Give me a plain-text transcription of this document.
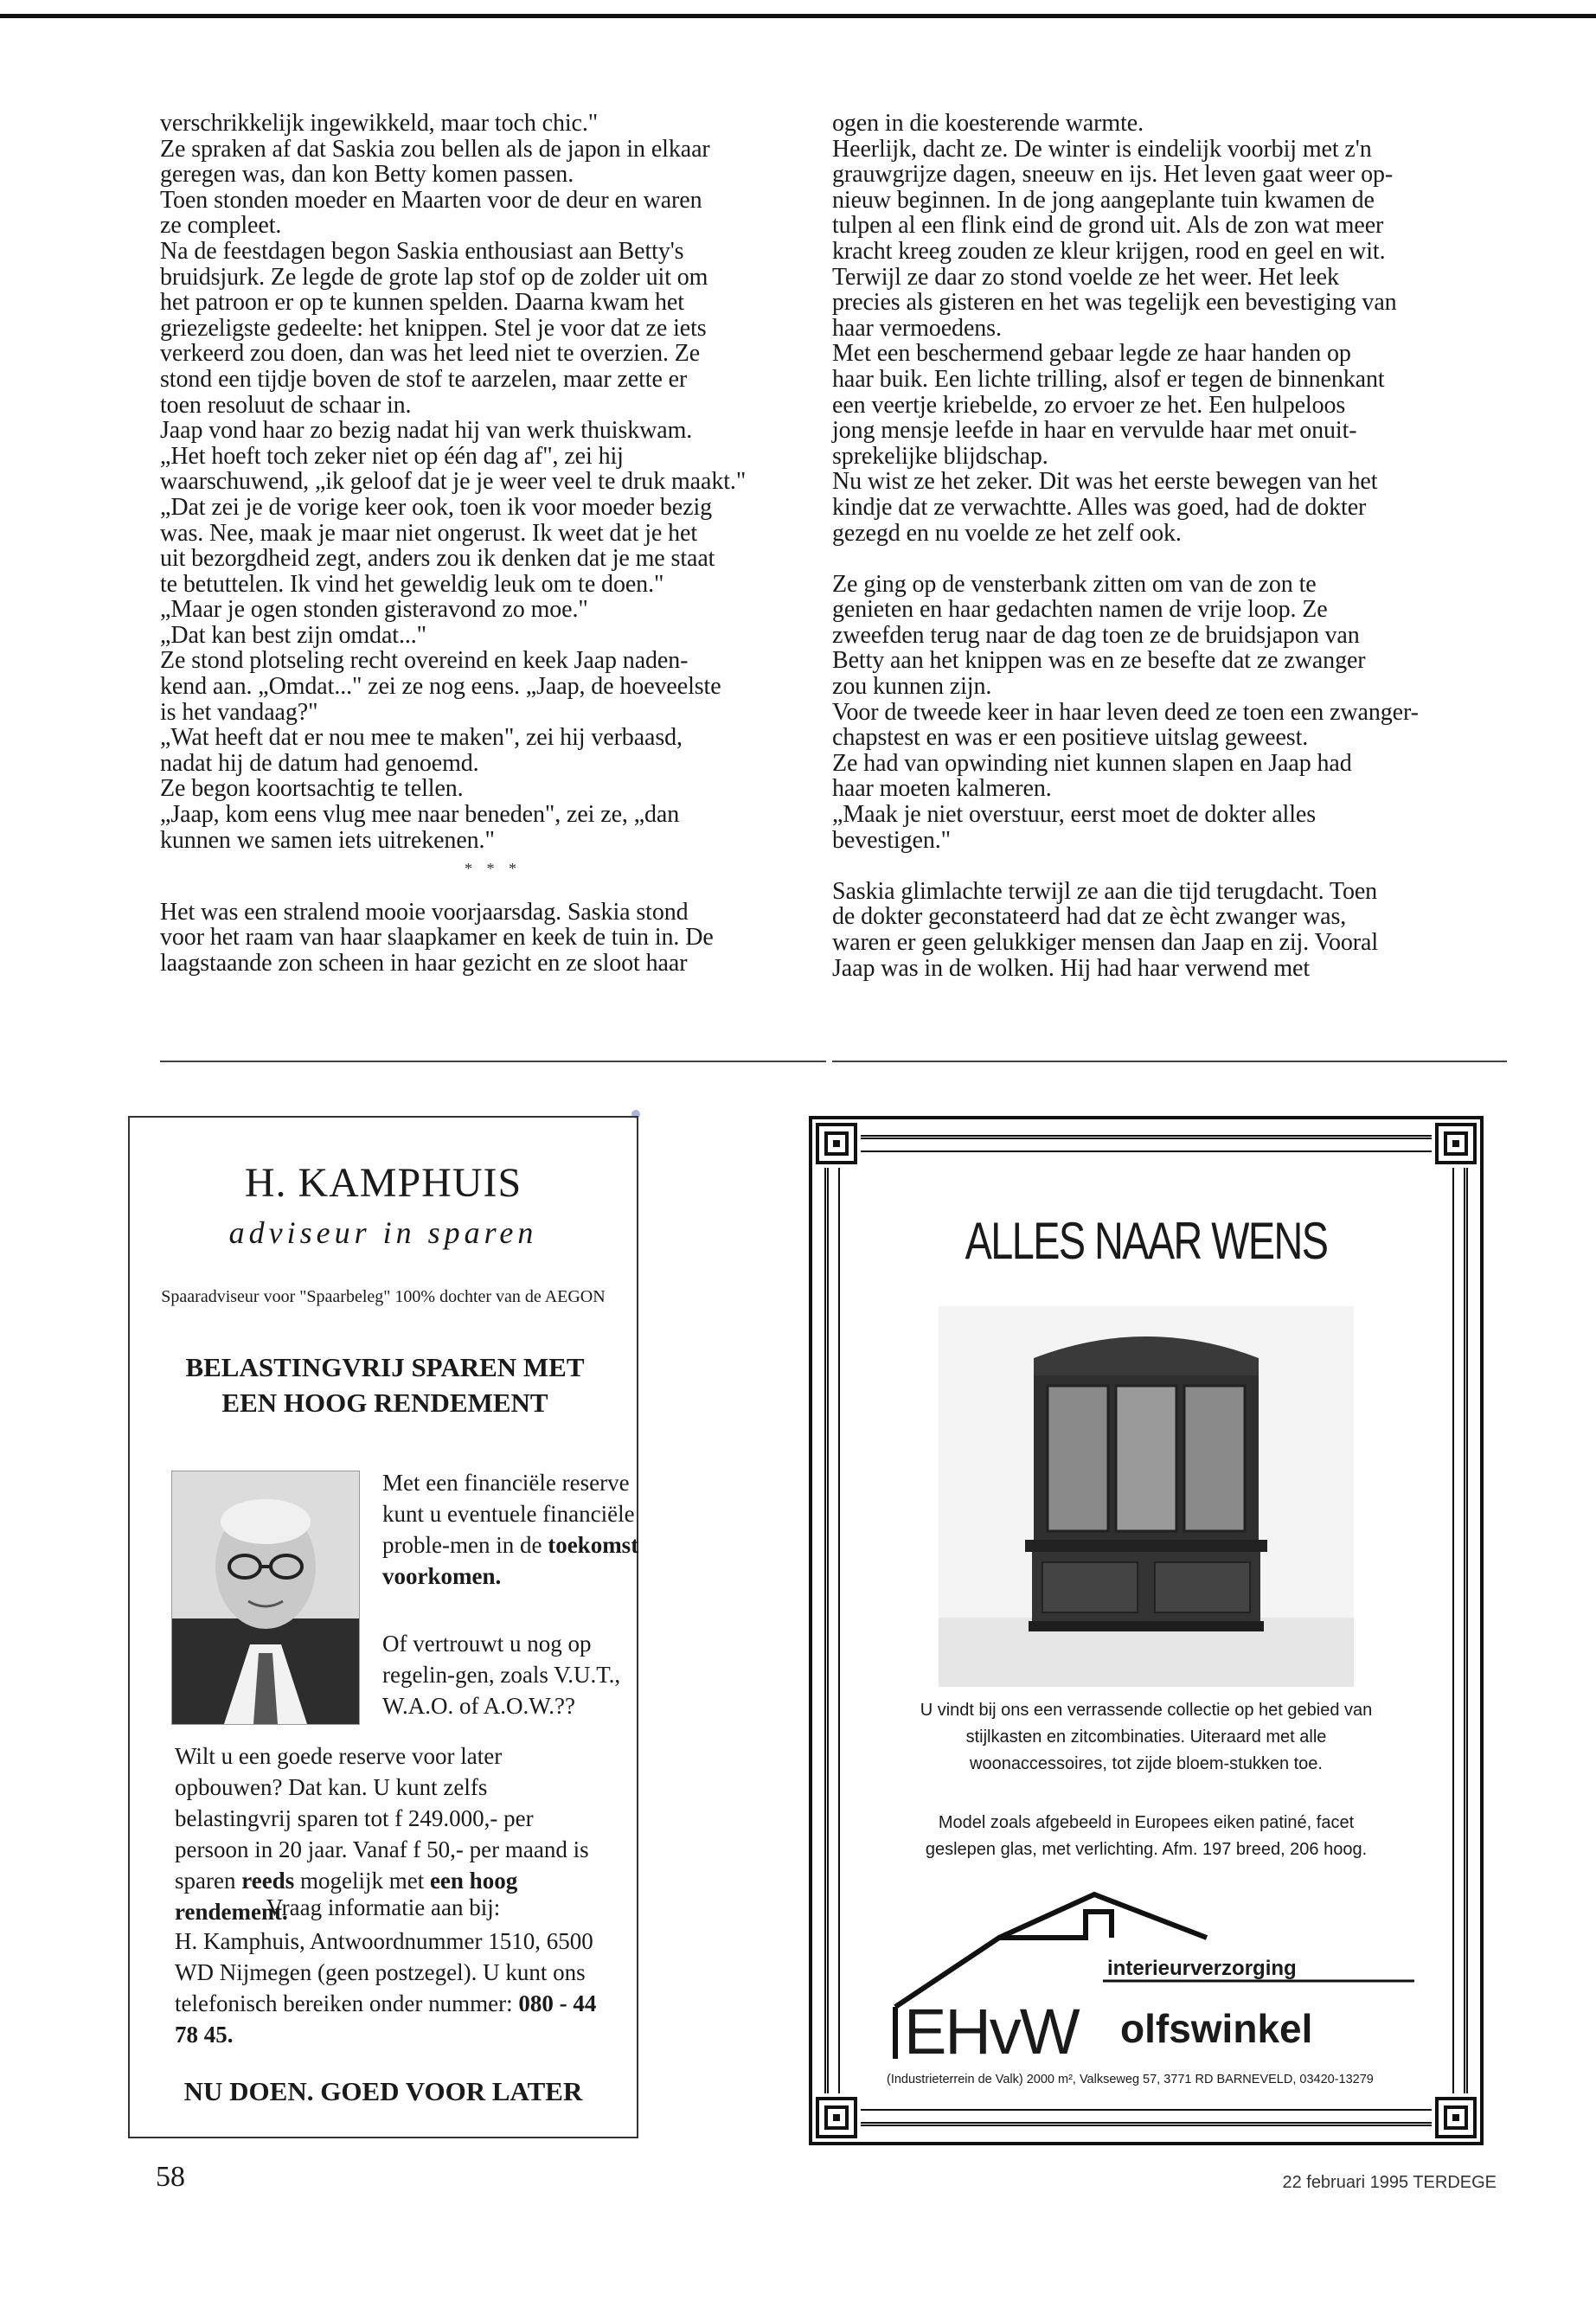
verschrikkelijk ingewikkeld, maar toch chic."
Ze spraken af dat Saskia zou bellen als de japon in elkaar
geregen was, dan kon Betty komen passen.
Toen stonden moeder en Maarten voor de deur en waren
ze compleet.
Na de feestdagen begon Saskia enthousiast aan Betty's
bruidsjurk. Ze legde de grote lap stof op de zolder uit om
het patroon er op te kunnen spelden. Daarna kwam het
griezeligste gedeelte: het knippen. Stel je voor dat ze iets
verkeerd zou doen, dan was het leed niet te overzien. Ze
stond een tijdje boven de stof te aarzelen, maar zette er
toen resoluut de schaar in.
Jaap vond haar zo bezig nadat hij van werk thuiskwam.
„Het hoeft toch zeker niet op één dag af", zei hij
waarschuwend, „ik geloof dat je je weer veel te druk maakt."
„Dat zei je de vorige keer ook, toen ik voor moeder bezig
was. Nee, maak je maar niet ongerust. Ik weet dat je het
uit bezorgdheid zegt, anders zou ik denken dat je me staat
te betuttelen. Ik vind het geweldig leuk om te doen."
„Maar je ogen stonden gisteravond zo moe."
„Dat kan best zijn omdat..."
Ze stond plotseling recht overeind en keek Jaap naden-
kend aan. „Omdat..." zei ze nog eens. „Jaap, de hoeveelste
is het vandaag?"
„Wat heeft dat er nou mee te maken", zei hij verbaasd,
nadat hij de datum had genoemd.
Ze begon koortsachtig te tellen.
„Jaap, kom eens vlug mee naar beneden", zei ze, „dan
kunnen we samen iets uitrekenen."

* * *

Het was een stralend mooie voorjaarsdag. Saskia stond
voor het raam van haar slaapkamer en keek de tuin in. De
laagstaande zon scheen in haar gezicht en ze sloot haar

ogen in die koesterende warmte.
Heerlijk, dacht ze. De winter is eindelijk voorbij met z'n
grauwgrijze dagen, sneeuw en ijs. Het leven gaat weer op-
nieuw beginnen. In de jong aangeplante tuin kwamen de
tulpen al een flink eind de grond uit. Als de zon wat meer
kracht kreeg zouden ze kleur krijgen, rood en geel en wit.
Terwijl ze daar zo stond voelde ze het weer. Het leek
precies als gisteren en het was tegelijk een bevestiging van
haar vermoedens.
Met een beschermend gebaar legde ze haar handen op
haar buik. Een lichte trilling, alsof er tegen de binnenkant
een veertje kriebelde, zo ervoer ze het. Een hulpeloos
jong mensje leefde in haar en vervulde haar met onuit-
sprekelijke blijdschap.
Nu wist ze het zeker. Dit was het eerste bewegen van het
kindje dat ze verwachtte. Alles was goed, had de dokter
gezegd en nu voelde ze het zelf ook.

Ze ging op de vensterbank zitten om van de zon te
genieten en haar gedachten namen de vrije loop. Ze
zweefden terug naar de dag toen ze de bruidsjapon van
Betty aan het knippen was en ze besefte dat ze zwanger
zou kunnen zijn.
Voor de tweede keer in haar leven deed ze toen een zwanger-
chapstest en was er een positieve uitslag geweest.
Ze had van opwinding niet kunnen slapen en Jaap had
haar moeten kalmeren.
„Maak je niet overstuur, eerst moet de dokter alles
bevestigen."

Saskia glimlachte terwijl ze aan die tijd terugdacht. Toen
de dokter geconstateerd had dat ze ècht zwanger was,
waren er geen gelukkiger mensen dan Jaap en zij. Vooral
Jaap was in de wolken. Hij had haar verwend met

H. KAMPHUIS
adviseur in sparen
Spaaradviseur voor "Spaarbeleg" 100% dochter van de AEGON
BELASTINGVRIJ SPAREN MET EEN HOOG RENDEMENT
Met een financiële reserve kunt u eventuele financiële proble-men in de toekomst voorkomen.
Of vertrouwt u nog op regelin-gen, zoals V.U.T., W.A.O. of A.O.W.??
Wilt u een goede reserve voor later opbouwen? Dat kan. U kunt zelfs belastingvrij sparen tot f 249.000,- per persoon in 20 jaar. Vanaf f 50,- per maand is sparen reeds mogelijk met een hoog rendement.
Vraag informatie aan bij:
H. Kamphuis, Antwoordnummer 1510, 6500 WD Nijmegen (geen postzegel). U kunt ons telefonisch bereiken onder nummer: 080 - 44 78 45.
NU DOEN. GOED VOOR LATER
ALLES NAAR WENS
U vindt bij ons een verrassende collectie op het gebied van stijlkasten en zitcombinaties. Uiteraard met alle woonaccessoires, tot zijde bloem-stukken toe.
Model zoals afgebeeld in Europees eiken patiné, facet geslepen glas, met verlichting. Afm. 197 breed, 206 hoog.
interieurverzorging
EHvW olfswinkel
(Industrieterrein de Valk) 2000 m², Valkseweg 57, 3771 RD BARNEVELD, 03420-13279
58	22 februari 1995 TERDEGE
